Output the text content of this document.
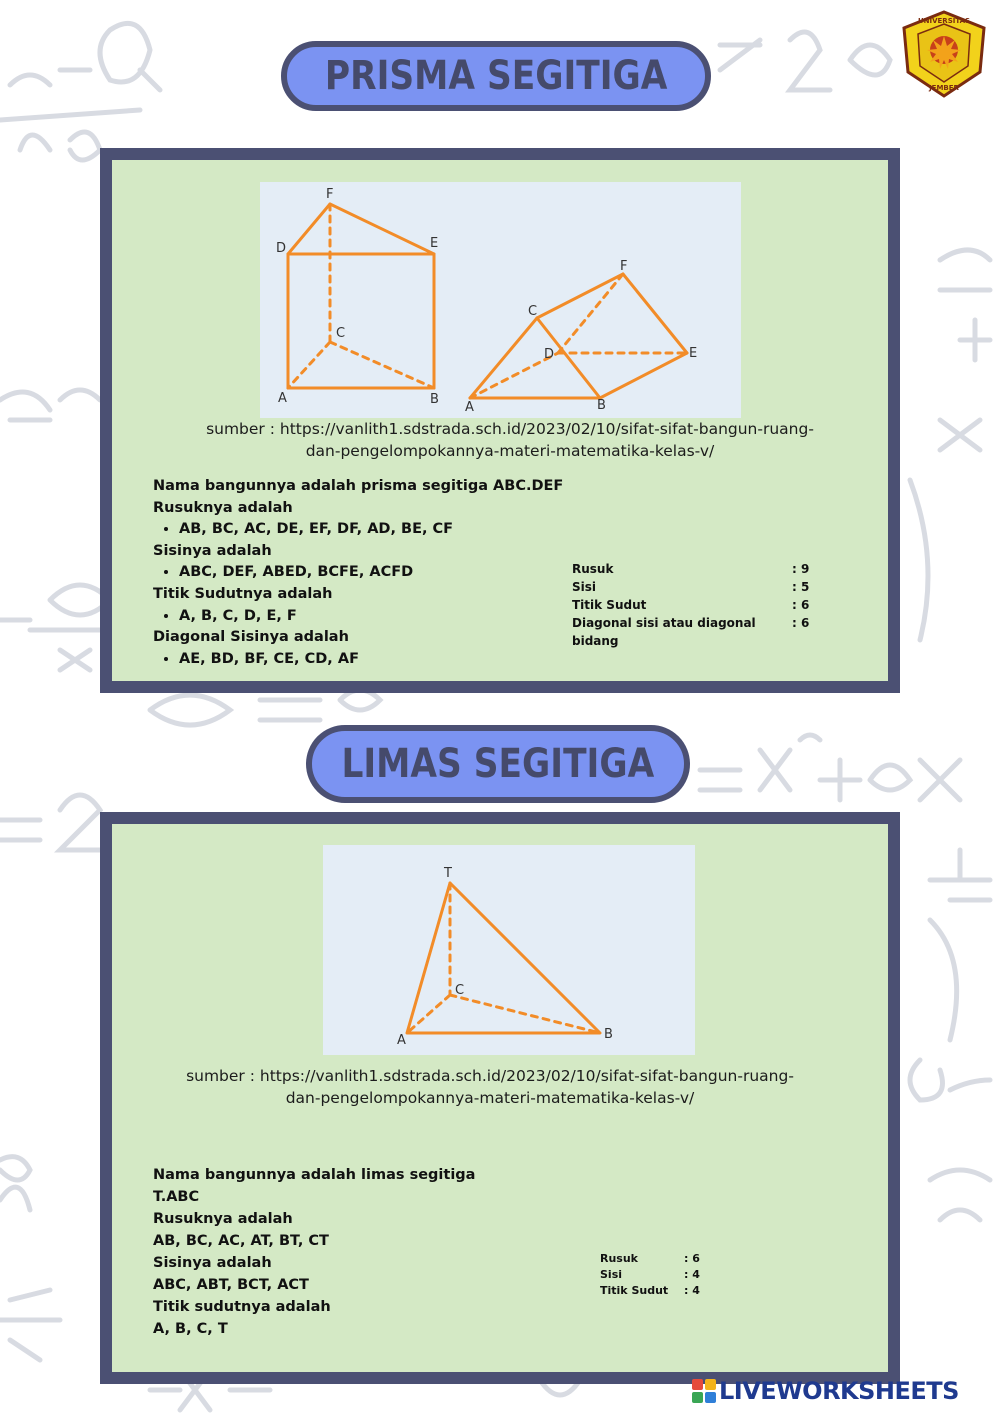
UNIVERSITAS
JEMBER
PRISMA SEGITIGA
F
D	E
C
A	B
F
C
D	E
A	B
sumber : https://vanlith1.sdstrada.sch.id/2023/02/10/sifat-sifat-bangun-ruang-
dan-pengelompokannya-materi-matematika-kelas-v/
Nama bangunnya adalah prisma segitiga ABC.DEF
Rusuknya adalah
• AB, BC, AC, DE, EF, DF, AD, BE, CF
Sisinya adalah
• ABC, DEF, ABED, BCFE, ACFD
Titik Sudutnya adalah
• A, B, C, D, E, F
Diagonal Sisinya adalah
• AE, BD, BF, CE, CD, AF
Rusuk	: 9
Sisi	: 5
Titik Sudut	: 6
Diagonal sisi atau diagonal bidang	: 6
LIMAS SEGITIGA
T
C
A	B
sumber : https://vanlith1.sdstrada.sch.id/2023/02/10/sifat-sifat-bangun-ruang-
dan-pengelompokannya-materi-matematika-kelas-v/
Nama bangunnya adalah limas segitiga
T.ABC
Rusuknya adalah
AB, BC, AC, AT, BT, CT
Sisinya adalah
ABC, ABT, BCT, ACT
Titik sudutnya adalah
A, B, C, T
Rusuk	: 6
Sisi	: 4
Titik Sudut	: 4
LIVEWORKSHEETS
